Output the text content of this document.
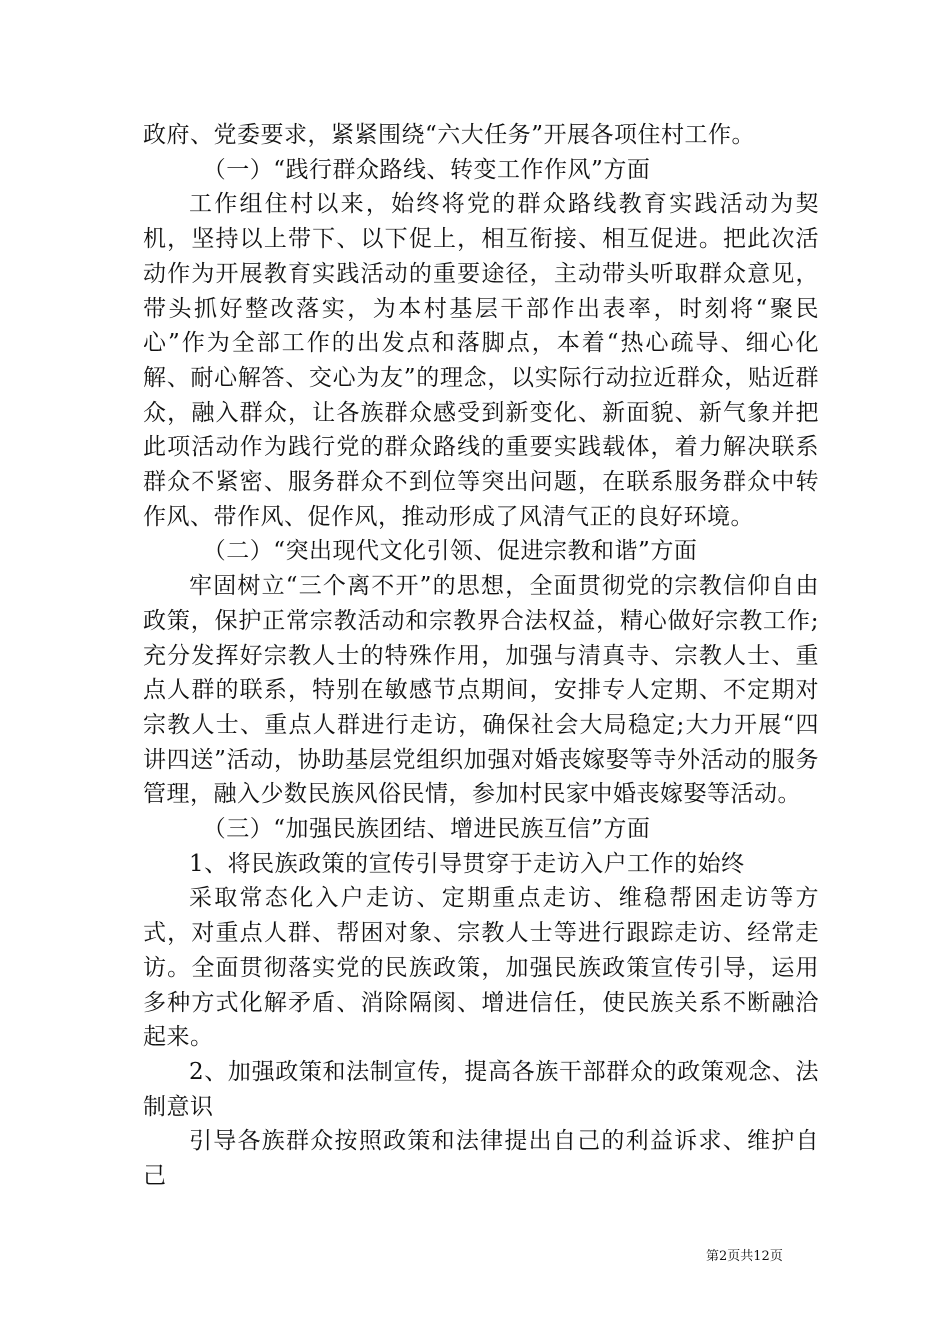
政府、党委要求，紧紧围绕“六大任务”开展各项住村工作。

（一）“践行群众路线、转变工作作风”方面

工作组住村以来，始终将党的群众路线教育实践活动为契机，坚持以上带下、以下促上，相互衔接、相互促进。把此次活动作为开展教育实践活动的重要途径，主动带头听取群众意见，带头抓好整改落实，为本村基层干部作出表率，时刻将“聚民心”作为全部工作的出发点和落脚点，本着“热心疏导、细心化解、耐心解答、交心为友”的理念，以实际行动拉近群众，贴近群众，融入群众，让各族群众感受到新变化、新面貌、新气象并把此项活动作为践行党的群众路线的重要实践载体，着力解决联系群众不紧密、服务群众不到位等突出问题，在联系服务群众中转作风、带作风、促作风，推动形成了风清气正的良好环境。

（二）“突出现代文化引领、促进宗教和谐”方面

牢固树立“三个离不开”的思想，全面贯彻党的宗教信仰自由政策，保护正常宗教活动和宗教界合法权益，精心做好宗教工作;充分发挥好宗教人士的特殊作用，加强与清真寺、宗教人士、重点人群的联系，特别在敏感节点期间，安排专人定期、不定期对宗教人士、重点人群进行走访，确保社会大局稳定;大力开展“四讲四送”活动，协助基层党组织加强对婚丧嫁娶等寺外活动的服务管理，融入少数民族风俗民情，参加村民家中婚丧嫁娶等活动。

（三）“加强民族团结、增进民族互信”方面

1、将民族政策的宣传引导贯穿于走访入户工作的始终

采取常态化入户走访、定期重点走访、维稳帮困走访等方式，对重点人群、帮困对象、宗教人士等进行跟踪走访、经常走访。全面贯彻落实党的民族政策，加强民族政策宣传引导，运用多种方式化解矛盾、消除隔阂、增进信任，使民族关系不断融洽起来。

2、加强政策和法制宣传，提高各族干部群众的政策观念、法制意识

引导各族群众按照政策和法律提出自己的利益诉求、维护自己

第2页共12页
